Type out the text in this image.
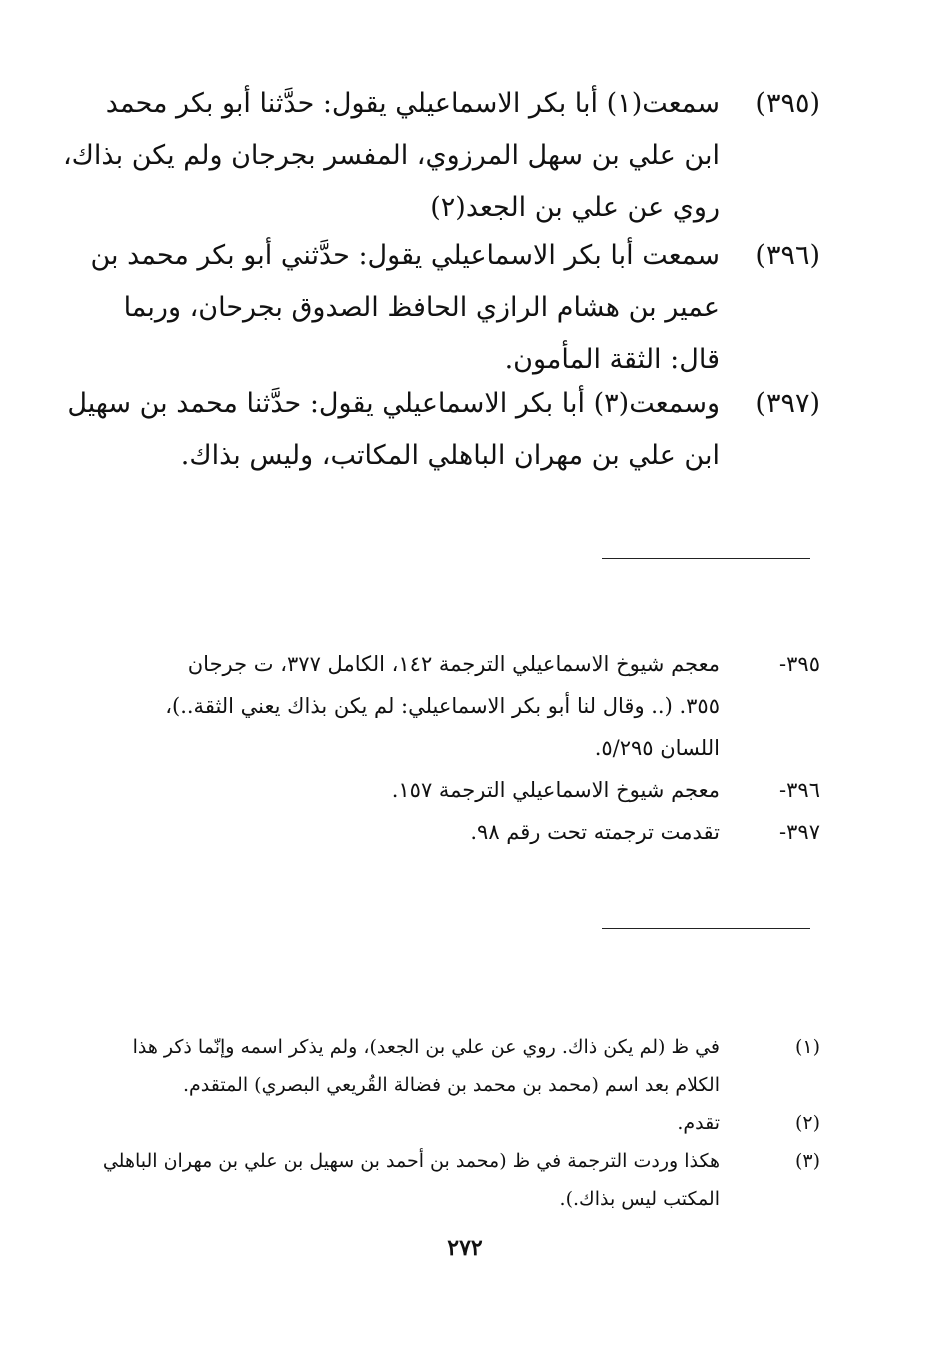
(٣٩٥)
سمعت(١) أبا بكر الاسماعيلي يقول: حدَّثنا أبو بكر محمد
ابن علي بن سهل المرزوي، المفسر بجرجان ولم يكن بذاك،
روي عن علي بن الجعد(٢)
(٣٩٦)
سمعت أبا بكر الاسماعيلي يقول: حدَّثني أبو بكر محمد بن
عمير بن هشام الرازي الحافظ الصدوق بجرحان، وربما
قال: الثقة المأمون.
(٣٩٧)
وسمعت(٣) أبا بكر الاسماعيلي يقول: حدَّثنا محمد بن سهيل
ابن علي بن مهران الباهلي المكاتب، وليس بذاك.
٣٩٥-
معجم شيوخ الاسماعيلي الترجمة ١٤٢، الكامل ٣٧٧، ت جرجان
٣٥٥. (.. وقال لنا أبو بكر الاسماعيلي: لم يكن بذاك يعني الثقة..)،
اللسان ٥/٢٩٥.
٣٩٦-
معجم شيوخ الاسماعيلي الترجمة ١٥٧.
٣٩٧-
تقدمت ترجمته تحت رقم ٩٨.
(١)
في ظ (لم يكن ذاك. روي عن علي بن الجعد)، ولم يذكر اسمه وإنّما ذكر هذا
الكلام بعد اسم (محمد بن محمد بن فضالة القُريعي البصري) المتقدم.
(٢)
تقدم.
(٣)
هكذا وردت الترجمة في ظ (محمد بن أحمد بن سهيل بن علي بن مهران الباهلي
المكتب ليس بذاك.).
٢٧٢
